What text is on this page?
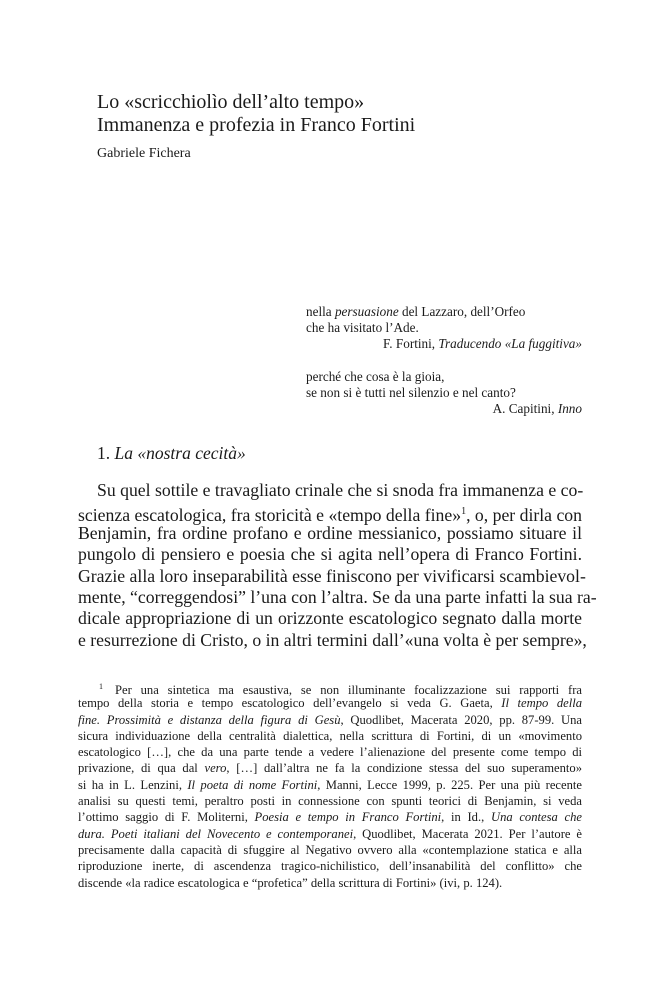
Lo «scricchiolìo dell’alto tempo»
Immanenza e profezia in Franco Fortini
Gabriele Fichera
nella persuasione del Lazzaro, dell’Orfeo
che ha visitato l’Ade.
F. Fortini, Traducendo «La fuggitiva»
perché che cosa è la gioia,
se non si è tutti nel silenzio e nel canto?
A. Capitini, Inno
1. La «nostra cecità»
Su quel sottile e travagliato crinale che si snoda fra immanenza e co-
scienza escatologica, fra storicità e «tempo della fine»$^1$, o, per dirla con
Benjamin, fra ordine profano e ordine messianico, possiamo situare il
pungolo di pensiero e poesia che si agita nell’opera di Franco Fortini.
Grazie alla loro inseparabilità esse finiscono per vivificarsi scambievol-
mente, “correggendosi” l’una con l’altra. Se da una parte infatti la sua ra-
dicale appropriazione di un orizzonte escatologico segnato dalla morte
e resurrezione di Cristo, o in altri termini dall’«una volta è per sempre»,
$^1$ Per una sintetica ma esaustiva, se non illuminante focalizzazione sui rapporti fra
tempo della storia e tempo escatologico dell’evangelo si veda G. Gaeta, Il tempo della
fine. Prossimità e distanza della figura di Gesù, Quodlibet, Macerata 2020, pp. 87-99. Una
sicura individuazione della centralità dialettica, nella scrittura di Fortini, di un «movimento
escatologico […], che da una parte tende a vedere l’alienazione del presente come tempo di
privazione, di qua dal vero, […] dall’altra ne fa la condizione stessa del suo superamento»
si ha in L. Lenzini, Il poeta di nome Fortini, Manni, Lecce 1999, p. 225. Per una più recente
analisi su questi temi, peraltro posti in connessione con spunti teorici di Benjamin, si veda
l’ottimo saggio di F. Moliterni, Poesia e tempo in Franco Fortini, in Id., Una contesa che
dura. Poeti italiani del Novecento e contemporanei, Quodlibet, Macerata 2021. Per l’autore è
precisamente dalla capacità di sfuggire al Negativo ovvero alla «contemplazione statica e alla
riproduzione inerte, di ascendenza tragico-nichilistico, dell’insanabilità del conflitto» che
discende «la radice escatologica e “profetica” della scrittura di Fortini» (ivi, p. 124).
